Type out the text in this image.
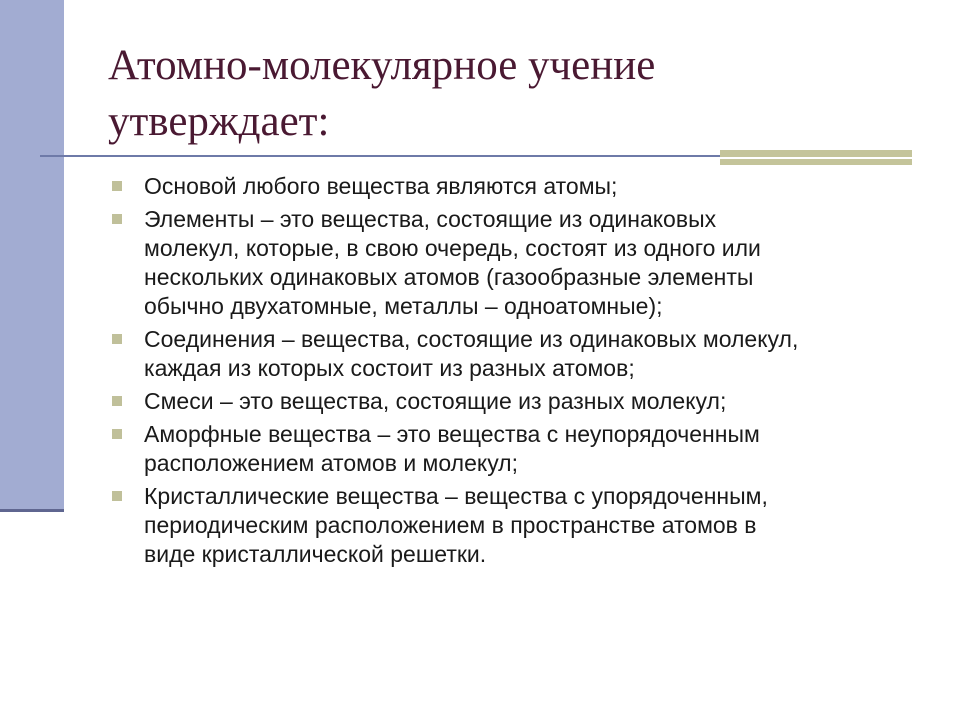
Атомно-молекулярное учение
утверждает:
Основой любого вещества являются атомы;
Элементы – это вещества, состоящие из одинаковых
молекул, которые, в свою очередь, состоят из одного или
нескольких одинаковых атомов (газообразные элементы
обычно двухатомные, металлы – одноатомные);
Соединения – вещества, состоящие из одинаковых молекул,
каждая из которых состоит из разных атомов;
Смеси – это вещества, состоящие из разных молекул;
Аморфные вещества – это вещества с неупорядоченным
расположением атомов и молекул;
Кристаллические вещества – вещества с упорядоченным,
периодическим расположением в пространстве атомов в
виде кристаллической решетки.
